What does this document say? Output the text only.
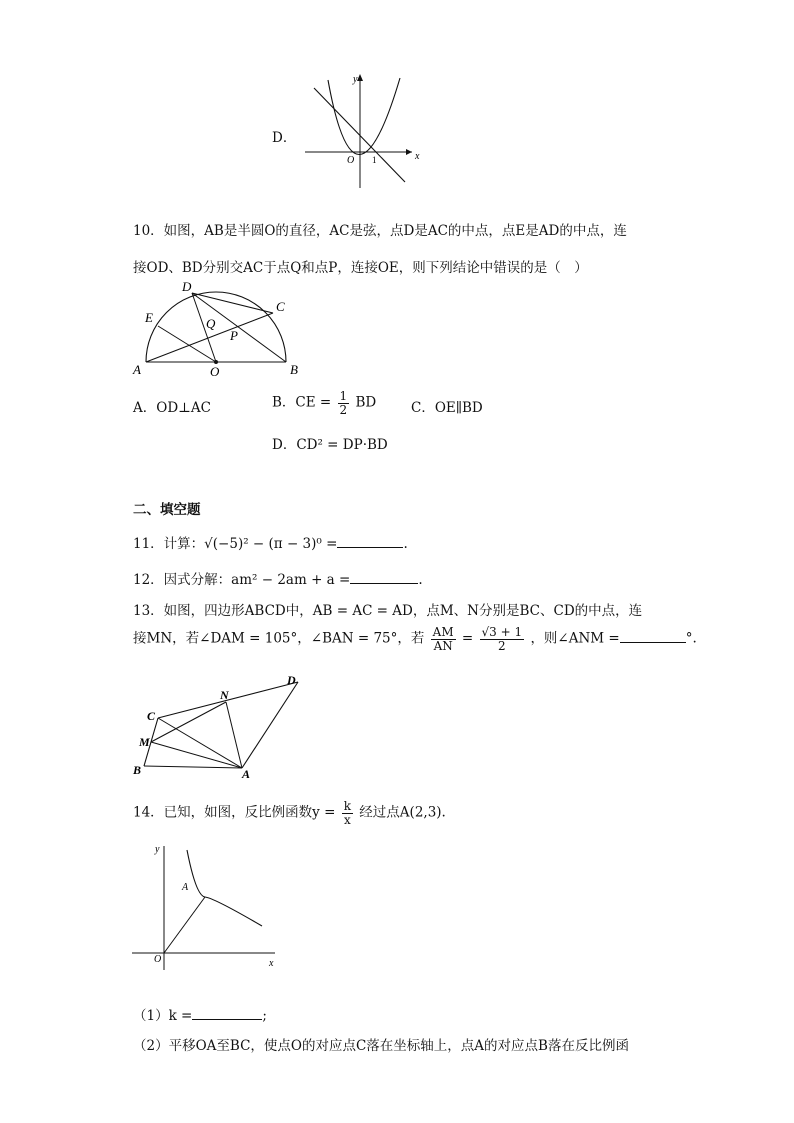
D．
x
y
O 1
10．如图，AB是半圆O的直径，AC是弦，点D是AC的中点，点E是AD的中点，连
接OD、BD分别交AC于点Q和点P，连接OE，则下列结论中错误的是（　）
A	B
C
D
E
O
P
Q
A．OD⊥AC	B．CE = $\frac{1}{2}$ BD	C．OE∥BD
D．CD² = DP·BD
二、填空题
11．计算：√(−5)² − (π − 3)⁰ =	.
12．因式分解：am² − 2am + a =	.
13．如图，四边形ABCD中，AB = AC = AD，点M、N分别是BC、CD的中点，连
接MN，若∠DAM = 105°，∠BAN = 75°，若 $\frac{AM}{AN} = \frac{√3 + 1}{2}$ ，则∠ANM =	°.
B
C
D
A
M
N
14．已知，如图，反比例函数$y = \frac{k}{x}$ 经过点A(2,3).
x
y
O
A
（1）k =	;
（2）平移OA至BC，使点O的对应点C落在坐标轴上，点A的对应点B落在反比例函
